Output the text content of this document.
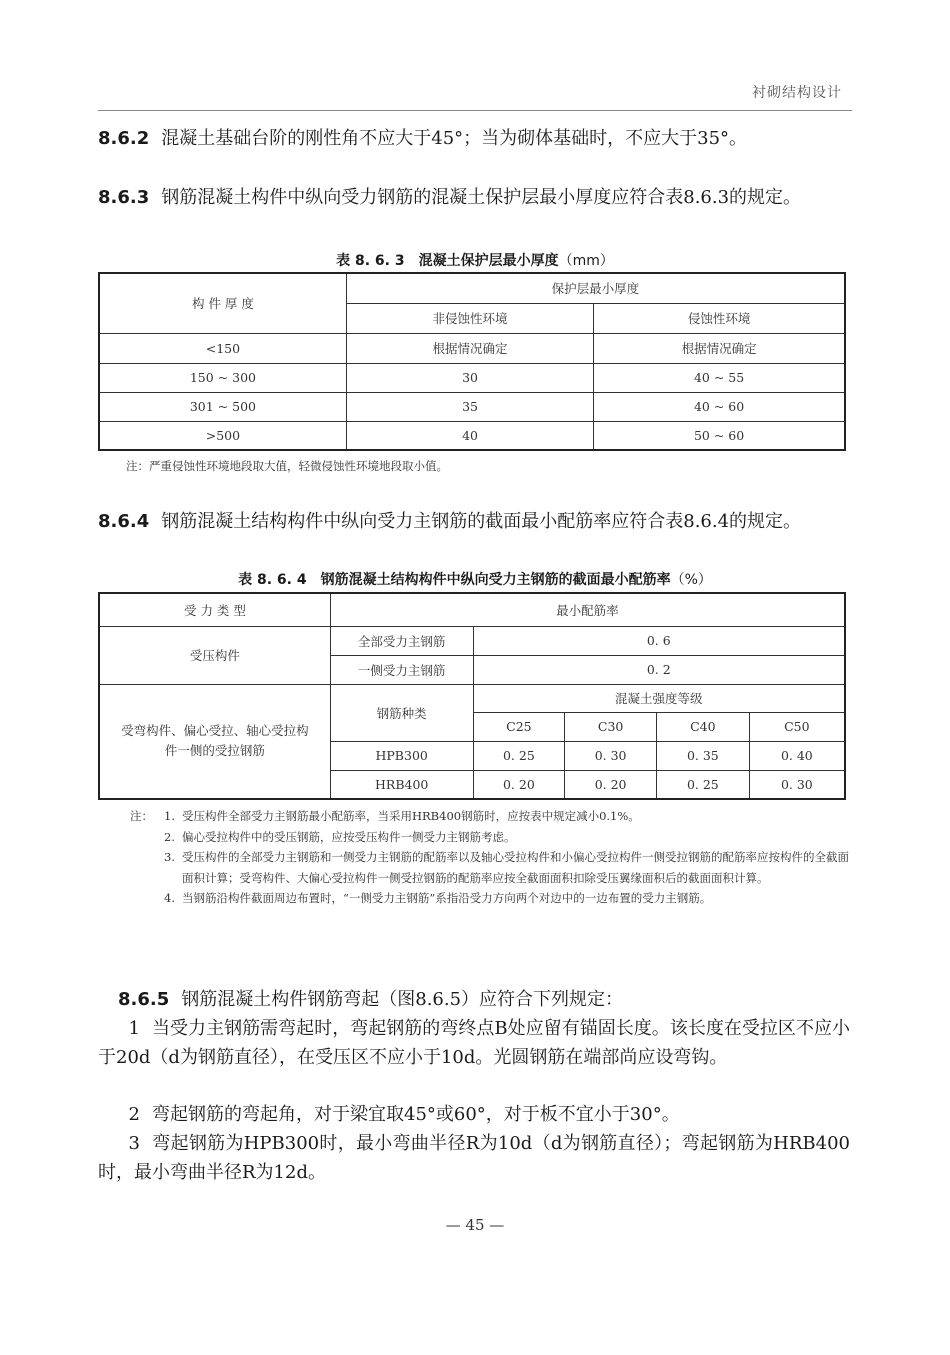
衬砌结构设计
8.6.2 混凝土基础台阶的刚性角不应大于45°；当为砌体基础时，不应大于35°。
8.6.3 钢筋混凝土构件中纵向受力钢筋的混凝土保护层最小厚度应符合表8.6.3的规定。
表 8. 6. 3　混凝土保护层最小厚度（mm）
构 件 厚 度	保护层最小厚度	
	非侵蚀性环境	侵蚀性环境
<150	根据情况确定	根据情况确定
150 ~ 300	30	40 ~ 55
301 ~ 500	35	40 ~ 60
>500	40	50 ~ 60
注：严重侵蚀性环境地段取大值，轻微侵蚀性环境地段取小值。
8.6.4 钢筋混凝土结构构件中纵向受力主钢筋的截面最小配筋率应符合表8.6.4的规定。
表 8. 6. 4　钢筋混凝土结构构件中纵向受力主钢筋的截面最小配筋率（%）
受 力 类 型	最小配筋率				
受压构件	全部受力主钢筋	0. 6			
	一侧受力主钢筋	0. 2			
受弯构件、偏心受拉、轴心受拉构件一侧的受拉钢筋	钢筋种类	混凝土强度等级			
		C25	C30	C40	C50
	HPB300	0. 25	0. 30	0. 35	0. 40
	HRB400	0. 20	0. 20	0. 25	0. 30
注： 1. 受压构件全部受力主钢筋最小配筋率，当采用HRB400钢筋时，应按表中规定减小0.1%。
2. 偏心受拉构件中的受压钢筋，应按受压构件一侧受力主钢筋考虑。
3. 受压构件的全部受力主钢筋和一侧受力主钢筋的配筋率以及轴心受拉构件和小偏心受拉构件一侧受拉钢筋的配筋率应按构件的全截面面积计算；受弯构件、大偏心受拉构件一侧受拉钢筋的配筋率应按全截面面积扣除受压翼缘面积后的截面面积计算。
4. 当钢筋沿构件截面周边布置时，“一侧受力主钢筋”系指沿受力方向两个对边中的一边布置的受力主钢筋。
8.6.5 钢筋混凝土构件钢筋弯起（图8.6.5）应符合下列规定：
1 当受力主钢筋需弯起时，弯起钢筋的弯终点B处应留有锚固长度。该长度在受拉区不应小于20d（d为钢筋直径），在受压区不应小于10d。光圆钢筋在端部尚应设弯钩。
2 弯起钢筋的弯起角，对于梁宜取45°或60°，对于板不宜小于30°。
3 弯起钢筋为HPB300时，最小弯曲半径R为10d（d为钢筋直径）；弯起钢筋为HRB400时，最小弯曲半径R为12d。
— 45 —
